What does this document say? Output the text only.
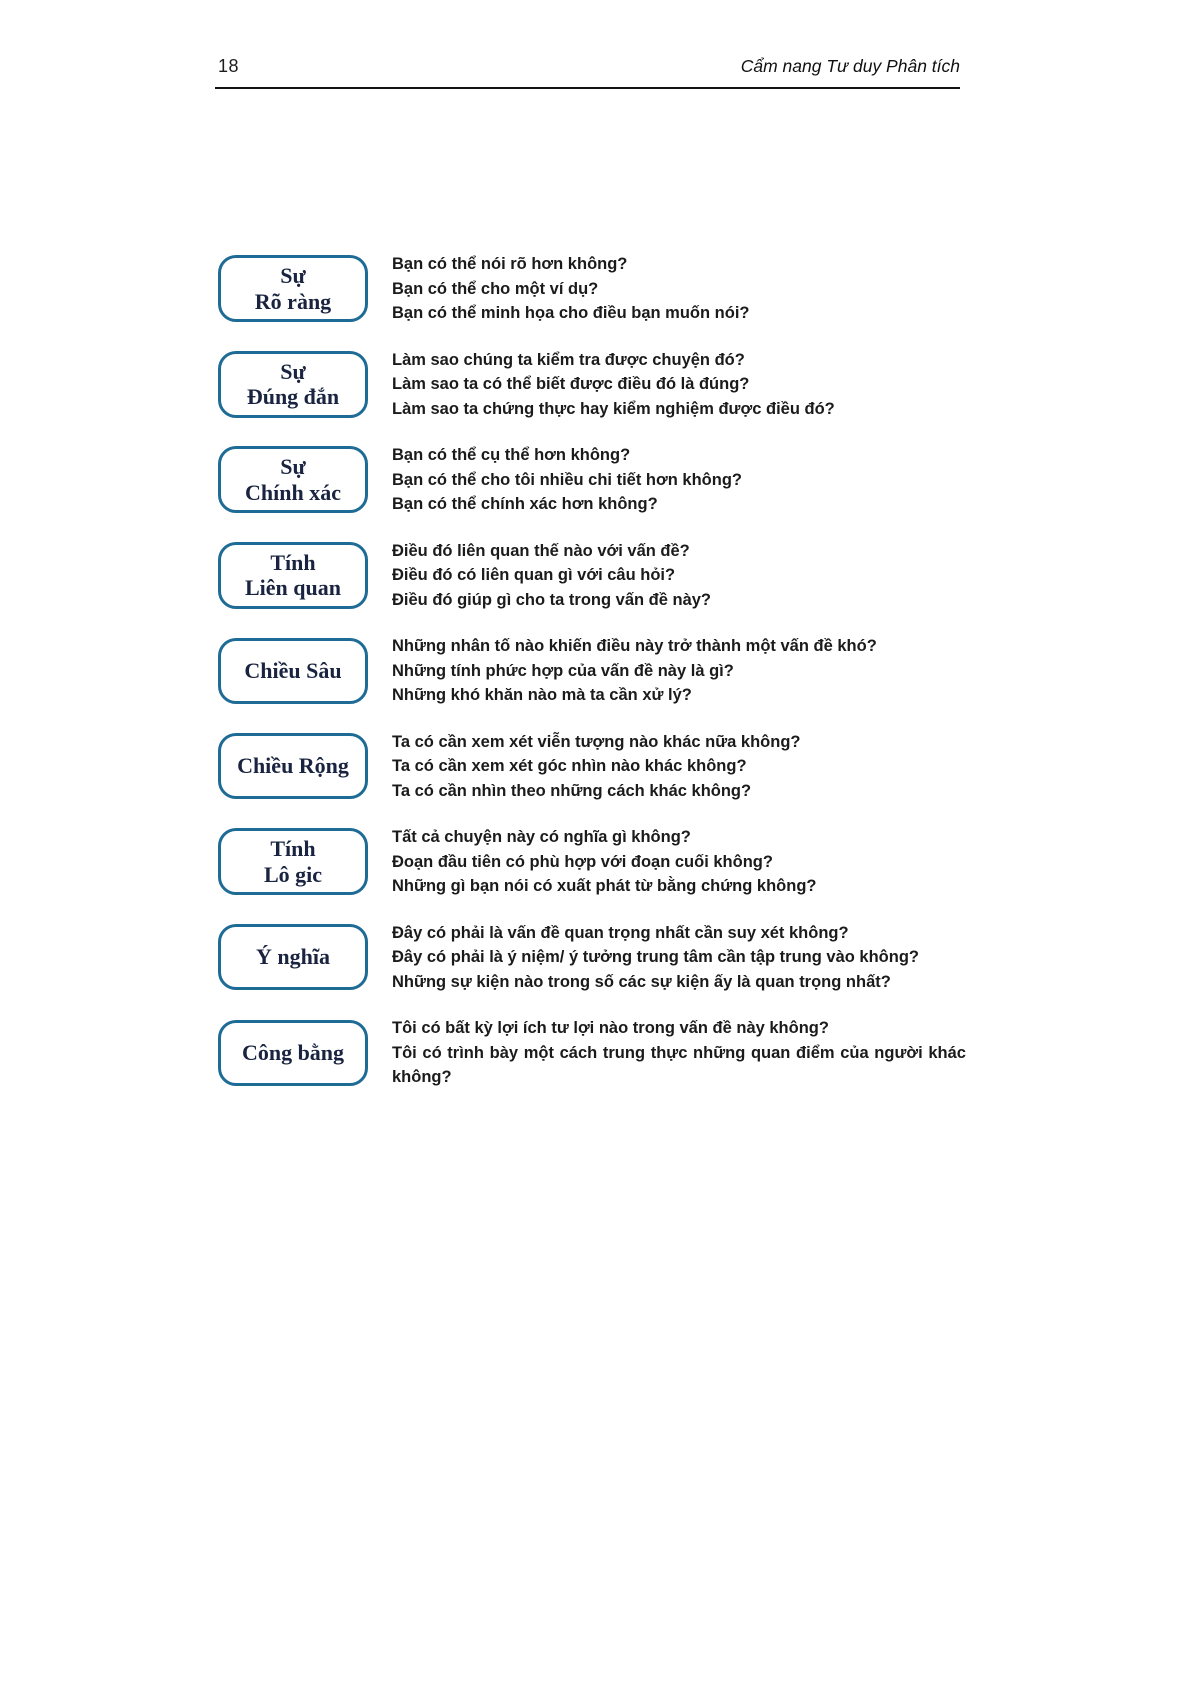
18	Cẩm nang Tư duy Phân tích
Sự
Rõ ràng

Bạn có thể nói rõ hơn không?

Bạn có thể cho một ví dụ?

Bạn có thể minh họa cho điều bạn muốn nói?

Sự
Đúng đắn

Làm sao chúng ta kiểm tra được chuyện đó?

Làm sao ta có thể biết được điều đó là đúng?

Làm sao ta chứng thực hay kiểm nghiệm được điều đó?

Sự
Chính xác

Bạn có thể cụ thể hơn không?

Bạn có thể cho tôi nhiều chi tiết hơn không?

Bạn có thể chính xác hơn không?

Tính
Liên quan

Điều đó liên quan thế nào với vấn đề?

Điều đó có liên quan gì với câu hỏi?

Điều đó giúp gì cho ta trong vấn đề này?

Chiều Sâu

Những nhân tố nào khiến điều này trở thành một vấn đề khó?

Những tính phức hợp của vấn đề này là gì?

Những khó khăn nào mà ta cần xử lý?

Chiều Rộng

Ta có cần xem xét viễn tượng nào khác nữa không?

Ta có cần xem xét góc nhìn nào khác không?

Ta có cần nhìn theo những cách khác không?

Tính
Lô gic

Tất cả chuyện này có nghĩa gì không?

Đoạn đầu tiên có phù hợp với đoạn cuối không?

Những gì bạn nói có xuất phát từ bằng chứng không?

Ý nghĩa

Đây có phải là vấn đề quan trọng nhất cần suy xét không?

Đây có phải là ý niệm/ ý tưởng trung tâm cần tập trung vào không?

Những sự kiện nào trong số các sự kiện ấy là quan trọng nhất?

Công bằng

Tôi có bất kỳ lợi ích tư lợi nào trong vấn đề này không?

Tôi có trình bày một cách trung thực những quan điểm của người khác không?
